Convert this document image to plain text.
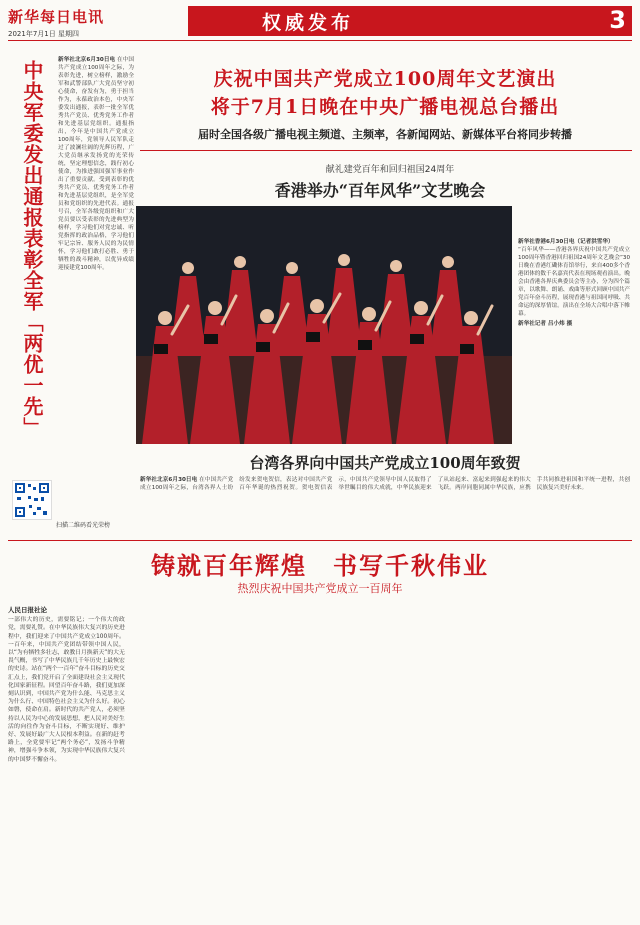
新华每日电讯
2021年7月1日 星期四	权威发布	3
中央军委发出通报
表彰全军「两优一先」
新华社北京6月30日电 在中国共产党成立100周年之际，为表彰先进，树立榜样，激励全军和武警部队广大党员坚守初心使命，奋发有为，勇于担当作为，永葆政治本色，中央军委发出通报，表彰一批全军优秀共产党员、优秀党务工作者和先进基层党组织。通报指出，今年是中国共产党成立100周年，党领导人民军队走过了波澜壮阔的光辉历程，广大党员继承发扬党的光荣传统，坚定理想信念，践行初心使命，为推进强国强军事业作出了重要贡献。受到表彰的优秀共产党员、优秀党务工作者和先进基层党组织，是全军党员和党组织的先进代表。通报号召，全军各级党组织和广大党员要以受表彰的先进典型为榜样，学习他们对党忠诚、听党指挥的政治品格，学习他们牢记宗旨、服务人民的为民情怀，学习他们敢打必胜、勇于牺牲的战斗精神，以优异成绩迎接建党100周年。
庆祝中国共产党成立100周年文艺演出
将于7月1日晚在中央广播电视总台播出
届时全国各级广播电视主频道、主频率，各新闻网站、新媒体平台将同步转播
献礼建党百年和回归祖国24周年
香港举办“百年风华”文艺晚会
新华社香港6月30日电（记者洪雪华）
“百年风华——香港各界庆祝中国共产党成立100周年暨香港回归祖国24周年文艺晚会”30日晚在香港红磡体育馆举行，来自400多个香港团体的数千名嘉宾代表在现场观看演出。晚会由香港各界庆典委员会等主办，分为四个篇章，以歌舞、朗诵、戏曲等形式回顾中国共产党百年奋斗历程，展现香港与祖国同呼吸、共命运的深厚情谊。演出在全场大合唱中落下帷幕。
新华社记者 吕小炜 摄
台湾各界向中国共产党成立100周年致贺
新华社北京6月30日电 在中国共产党成立100周年之际，台湾各界人士纷纷发来贺电贺信，表达对中国共产党百年华诞的热烈祝贺。贺电贺信表示，中国共产党领导中国人民取得了举世瞩目的伟大成就，中华民族迎来了从站起来、富起来到强起来的伟大飞跃。两岸同胞同属中华民族，应携手共同推进祖国和平统一进程，共创民族复兴美好未来。
扫描二维码看光荣榜
铸就百年辉煌　书写千秋伟业
热烈庆祝中国共产党成立一百周年
人民日报社论
一部伟大的历史，需要铭记；一个伟大的政党，需要礼赞。在中华民族伟大复兴的历史进程中，我们迎来了中国共产党成立100周年。一百年来，中国共产党团结带领中国人民，以“为有牺牲多壮志，敢教日月换新天”的大无畏气概，书写了中华民族几千年历史上最恢宏的史诗。站在“两个一百年”奋斗目标的历史交汇点上，我们党开启了全面建设社会主义现代化国家新征程。回望百年奋斗路，我们更加深刻认识到，中国共产党为什么能、马克思主义为什么行、中国特色社会主义为什么好。初心如磐，使命在肩。新时代的共产党人，必须坚持以人民为中心的发展思想，把人民对美好生活的向往作为奋斗目标，不断实现好、维护好、发展好最广大人民根本利益。在新的赶考路上，全党要牢记“两个务必”，发扬斗争精神，增强斗争本领，为实现中华民族伟大复兴的中国梦不懈奋斗。
